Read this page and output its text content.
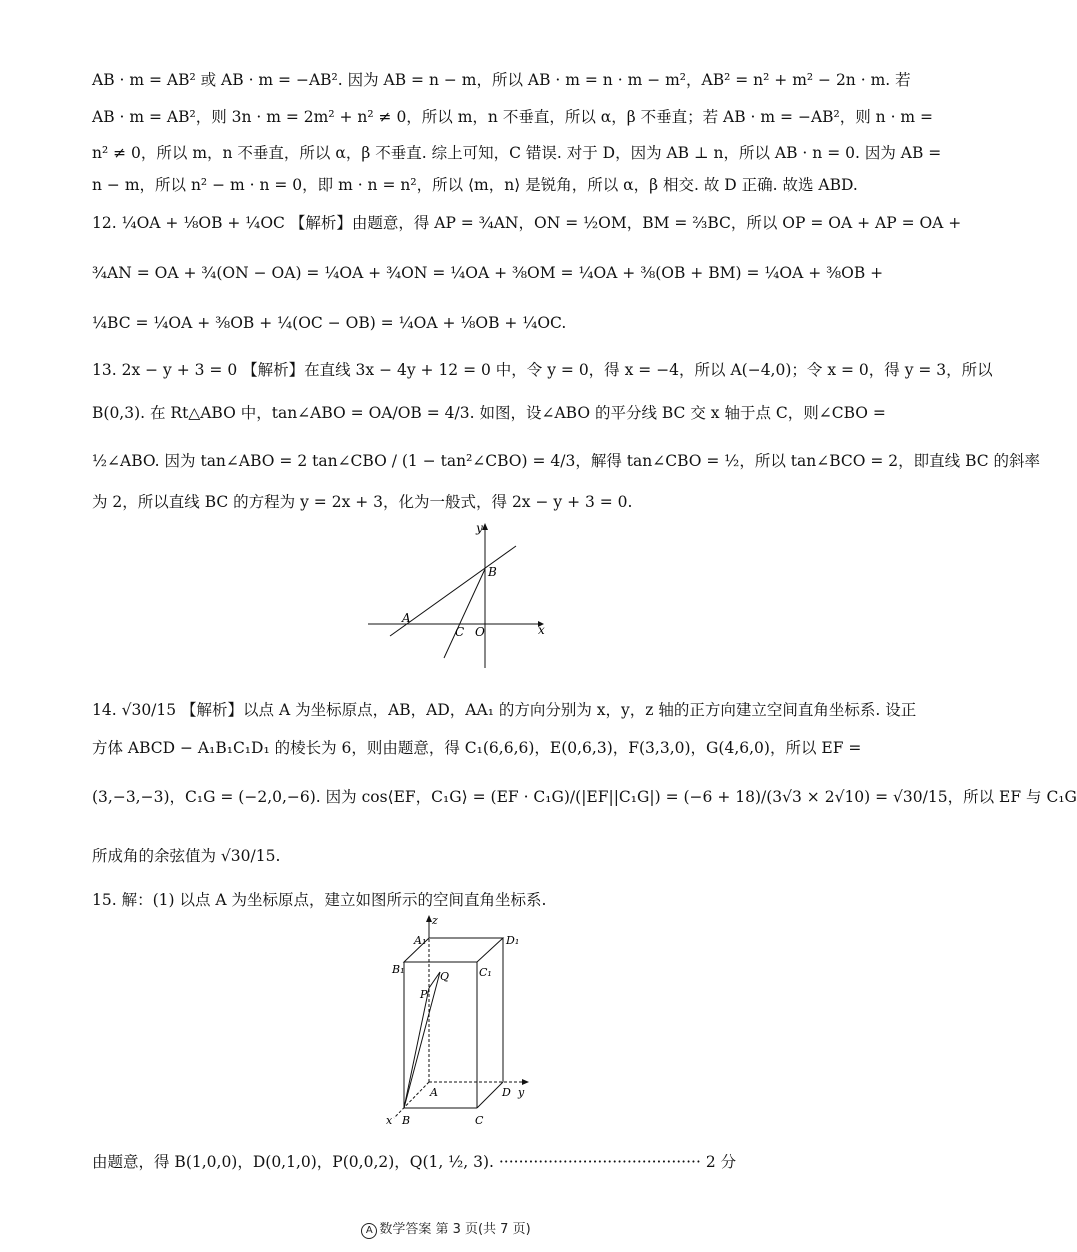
AB · m = AB² 或 AB · m = −AB². 因为 AB = n − m，所以 AB · m = n · m − m²，AB² = n² + m² − 2n · m. 若
AB · m = AB²，则 3n · m = 2m² + n² ≠ 0，所以 m，n 不垂直，所以 α，β 不垂直；若 AB · m = −AB²，则 n · m =
n² ≠ 0，所以 m，n 不垂直，所以 α，β 不垂直. 综上可知，C 错误. 对于 D，因为 AB ⊥ n，所以 AB · n = 0. 因为 AB =
n − m，所以 n² − m · n = 0，即 m · n = n²，所以 ⟨m，n⟩ 是锐角，所以 α，β 相交. 故 D 正确. 故选 ABD.
12. ¼OA + ⅛OB + ¼OC 【解析】由题意，得 AP = ¾AN，ON = ½OM，BM = ⅔BC，所以 OP = OA + AP = OA +
¾AN = OA + ¾(ON − OA) = ¼OA + ¾ON = ¼OA + ⅜OM = ¼OA + ⅜(OB + BM) = ¼OA + ⅜OB +
¼BC = ¼OA + ⅜OB + ¼(OC − OB) = ¼OA + ⅛OB + ¼OC.
13. 2x − y + 3 = 0 【解析】在直线 3x − 4y + 12 = 0 中，令 y = 0，得 x = −4，所以 A(−4,0)；令 x = 0，得 y = 3，所以
B(0,3). 在 Rt△ABO 中，tan∠ABO = OA/OB = 4/3. 如图，设∠ABO 的平分线 BC 交 x 轴于点 C，则∠CBO =
½∠ABO. 因为 tan∠ABO = 2 tan∠CBO / (1 − tan²∠CBO) = 4/3，解得 tan∠CBO = ½，所以 tan∠BCO = 2，即直线 BC 的斜率
为 2，所以直线 BC 的方程为 y = 2x + 3，化为一般式，得 2x − y + 3 = 0.
x
y
A
B
C O
14. √30/15 【解析】以点 A 为坐标原点，AB，AD，AA₁ 的方向分别为 x，y，z 轴的正方向建立空间直角坐标系. 设正
方体 ABCD − A₁B₁C₁D₁ 的棱长为 6，则由题意，得 C₁(6,6,6)，E(0,6,3)，F(3,3,0)，G(4,6,0)，所以 EF =
(3,−3,−3)，C₁G = (−2,0,−6). 因为 cos⟨EF，C₁G⟩ = (EF · C₁G)/(|EF||C₁G|) = (−6 + 18)/(3√3 × 2√10) = √30/15，所以 EF 与 C₁G
所成角的余弦值为 √30/15.
15. 解：(1) 以点 A 为坐标原点，建立如图所示的空间直角坐标系.
z
y
x
A₁
B₁	C₁
D₁
P
Q
A
B	C
D
由题意，得 B(1,0,0)，D(0,1,0)，P(0,0,2)，Q(1, ½, 3). ········································· 2 分
A 数学答案 第 3 页(共 7 页)
